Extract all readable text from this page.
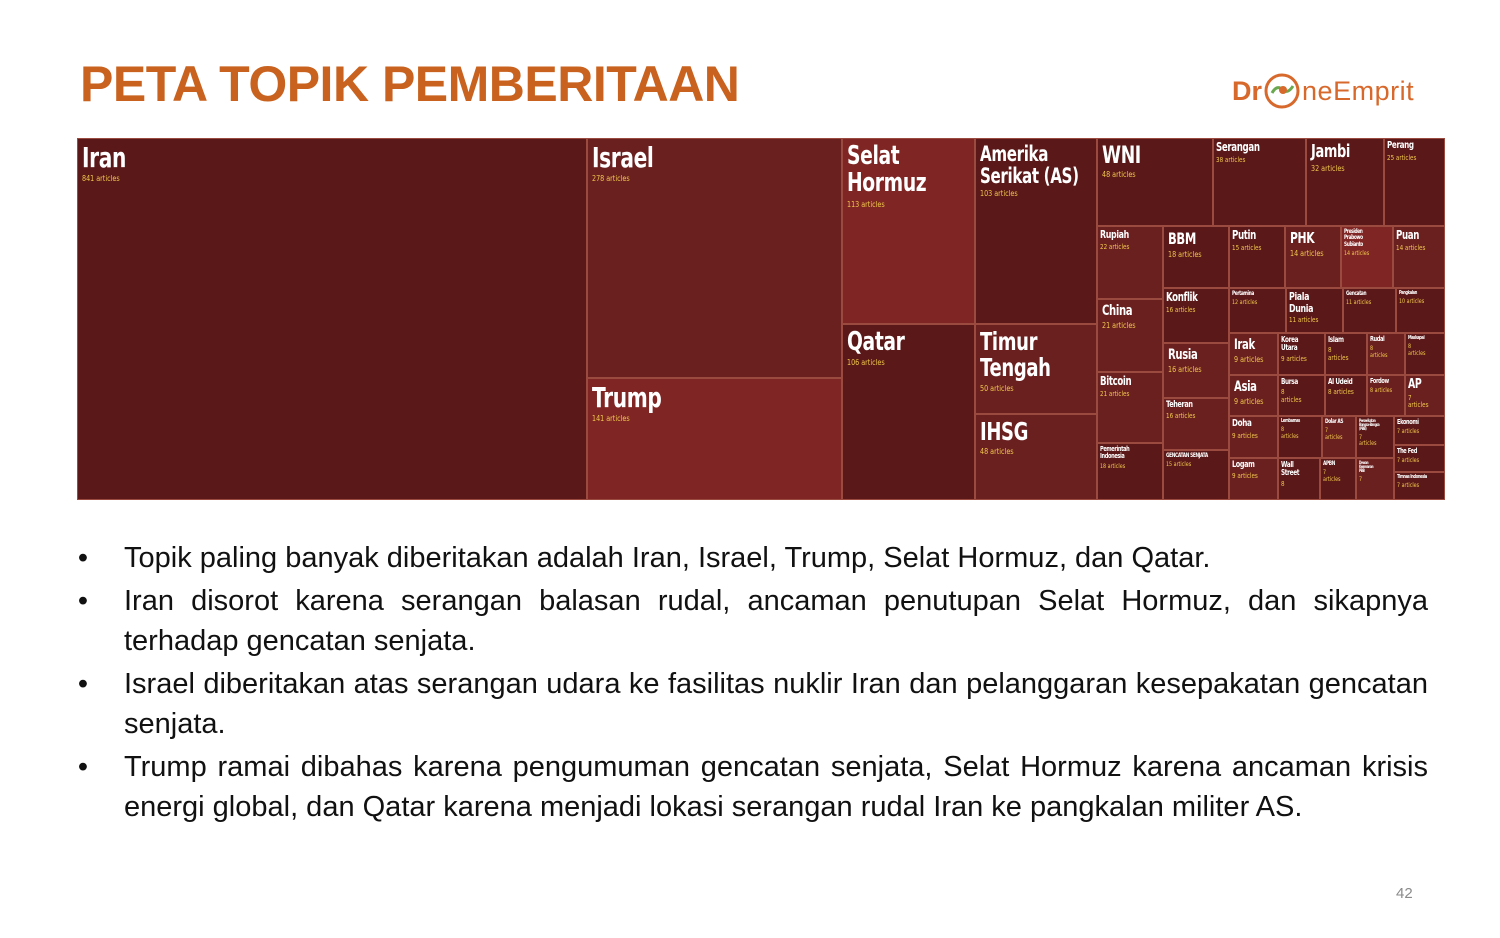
PETA TOPIK PEMBERITAAN	Dr ne Emprit
Iran
841 articles
Israel
278 articles
Trump
141 articles
Selat
Hormuz
113 articles
Qatar
106 articles
Amerika
Serikat (AS)
103 articles
Timur
Tengah
50 articles
IHSG
48 articles
WNI
48 articles
Serangan
38 articles	Jambi
32 articles
Perang
25 articles
Rupiah
22 articles
China
21 articles
Bitcoin
21 articles
Pemerintah
Indonesia
18 articles
BBM
18 articles
Konflik
16 articles
Rusia
16 articles
Teheran
16 articles
GENCATAN SENJATA
15 articles
Putin
15 articles
PHK
14 articles
Presiden
Prabowo
Subianto
14 articles
Puan
14 articles
Pertamina
12 articles	Piala
Dunia
11 articles
Gencatan
11 articles
Pangkalan
10 articles
Irak
9 articles
Korea
Utara
9 articles
Islam
8
articles
Rudal
8
articles
Maskapai
8
articles
Asia
9 articles
Bursa
8
articles
Al Udeid
8 articles
Fordow
8 articles AP
7
articles
Doha
9 articles
Lembamas
8
articles
Dolar AS
7
articles
Perserikatan
Bangsa-Bangsa
(PBB)
7
articles
Ekonomi
7 articles
The Fed
7 articles
Logam
9 articles
Wall
Street
8
APBN
7
articles
Dewan
Keamanan
PBB
7	Timnas Indonesia
7 articles
• Topik paling banyak diberitakan adalah Iran, Israel, Trump, Selat Hormuz, dan Qatar.
• Iran disorot karena serangan balasan rudal, ancaman penutupan Selat Hormuz, dan sikapnya terhadap gencatan senjata.
• Israel diberitakan atas serangan udara ke fasilitas nuklir Iran dan pelanggaran kesepakatan gencatan senjata.
• Trump ramai dibahas karena pengumuman gencatan senjata, Selat Hormuz karena ancaman krisis energi global, dan Qatar karena menjadi lokasi serangan rudal Iran ke pangkalan militer AS.
42
